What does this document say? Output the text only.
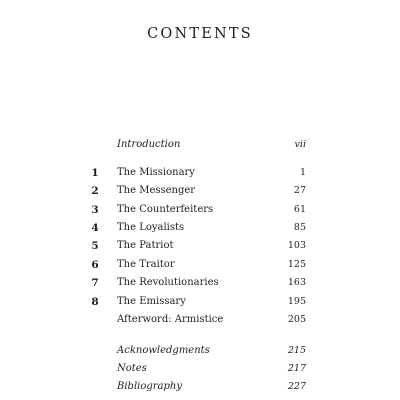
CONTENTS
Introduction	vii
1	The Missionary	1
2	The Messenger	27
3	The Counterfeiters	61
4	The Loyalists	85
5	The Patriot	103
6	The Traitor	125
7	The Revolutionaries	163
8	The Emissary	195
Afterword: Armistice	205
Acknowledgments	215
Notes	217
Bibliography	227
